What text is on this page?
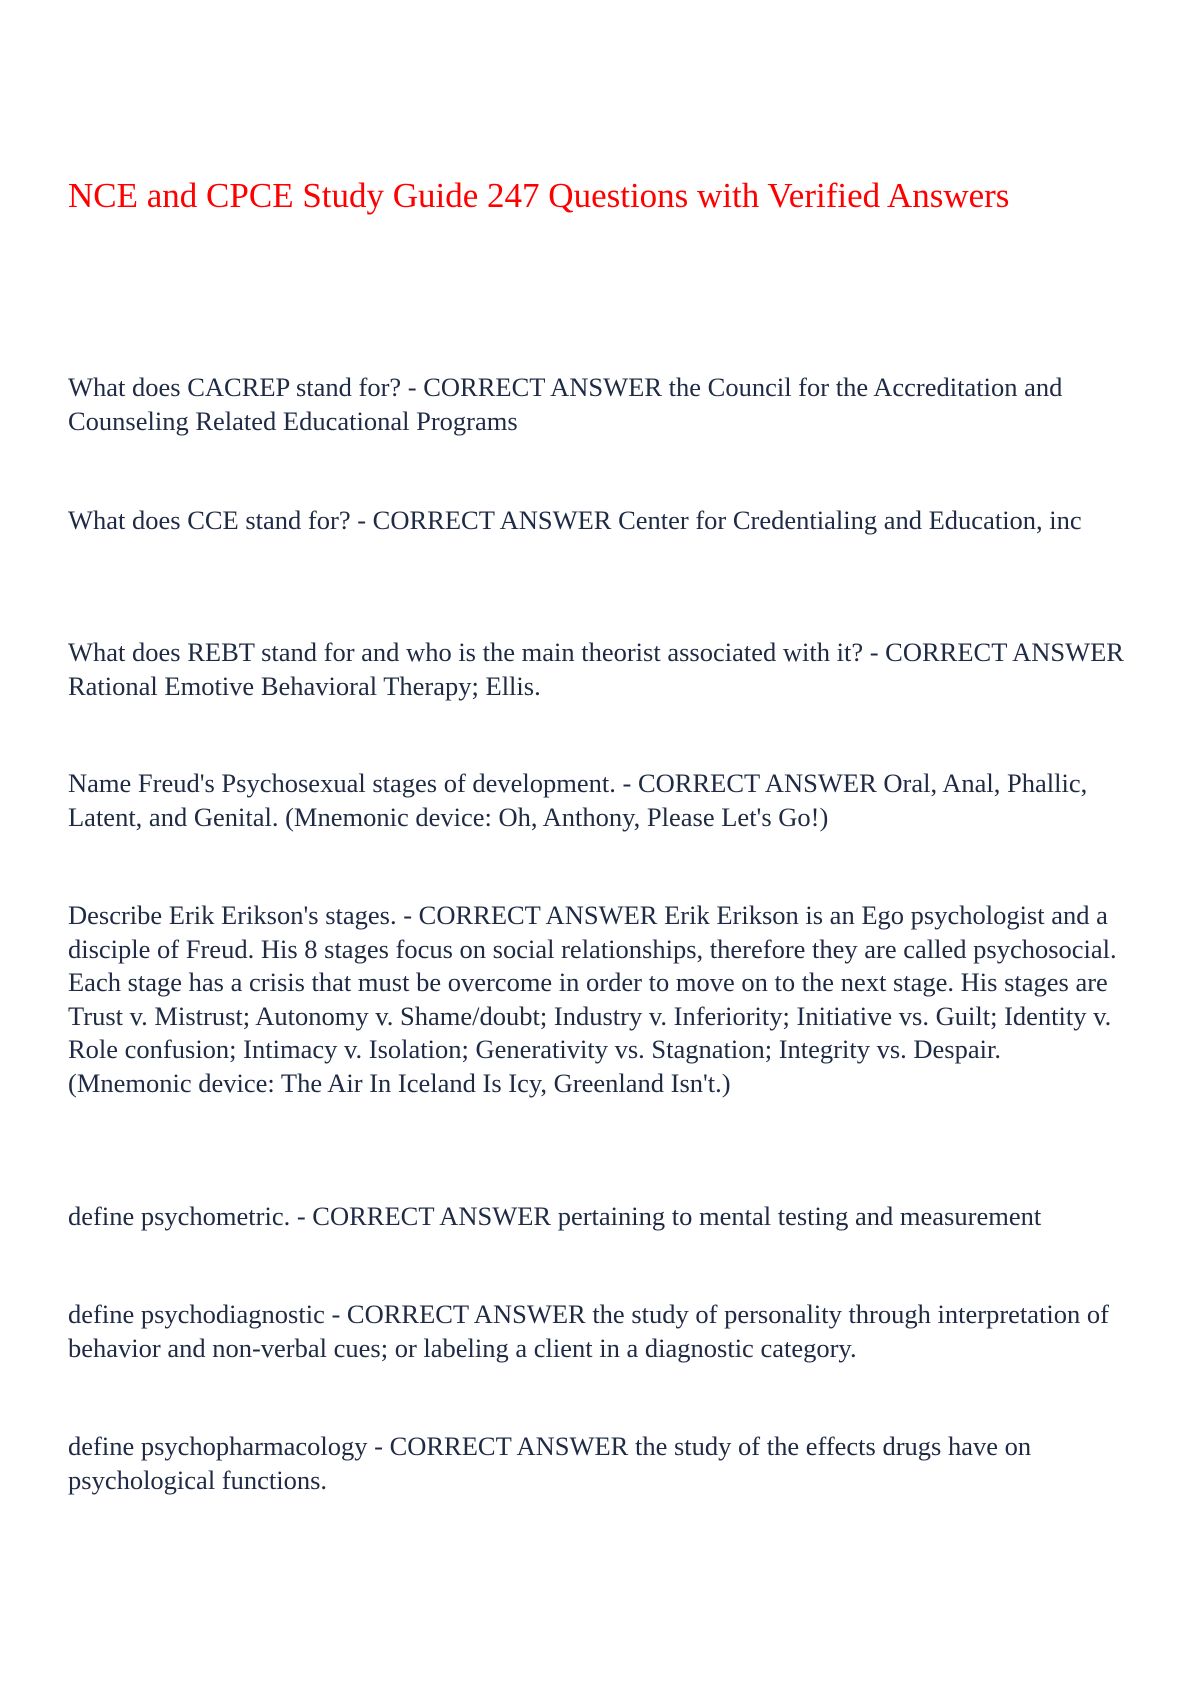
NCE and CPCE Study Guide 247 Questions with Verified Answers

What does CACREP stand for? - CORRECT ANSWER the Council for the Accreditation and Counseling Related Educational Programs

What does CCE stand for? - CORRECT ANSWER Center for Credentialing and Education, inc

What does REBT stand for and who is the main theorist associated with it? - CORRECT ANSWER Rational Emotive Behavioral Therapy; Ellis.

Name Freud's Psychosexual stages of development. - CORRECT ANSWER Oral, Anal, Phallic, Latent, and Genital. (Mnemonic device: Oh, Anthony, Please Let's Go!)

Describe Erik Erikson's stages. - CORRECT ANSWER Erik Erikson is an Ego psychologist and a disciple of Freud. His 8 stages focus on social relationships, therefore they are called psychosocial. Each stage has a crisis that must be overcome in order to move on to the next stage. His stages are Trust v. Mistrust; Autonomy v. Shame/doubt; Industry v. Inferiority; Initiative vs. Guilt; Identity v. Role confusion; Intimacy v. Isolation; Generativity vs. Stagnation; Integrity vs. Despair. (Mnemonic device: The Air In Iceland Is Icy, Greenland Isn't.)

define psychometric. - CORRECT ANSWER pertaining to mental testing and measurement

define psychodiagnostic - CORRECT ANSWER the study of personality through interpretation of behavior and non-verbal cues; or labeling a client in a diagnostic category.

define psychopharmacology - CORRECT ANSWER the study of the effects drugs have on psychological functions.
